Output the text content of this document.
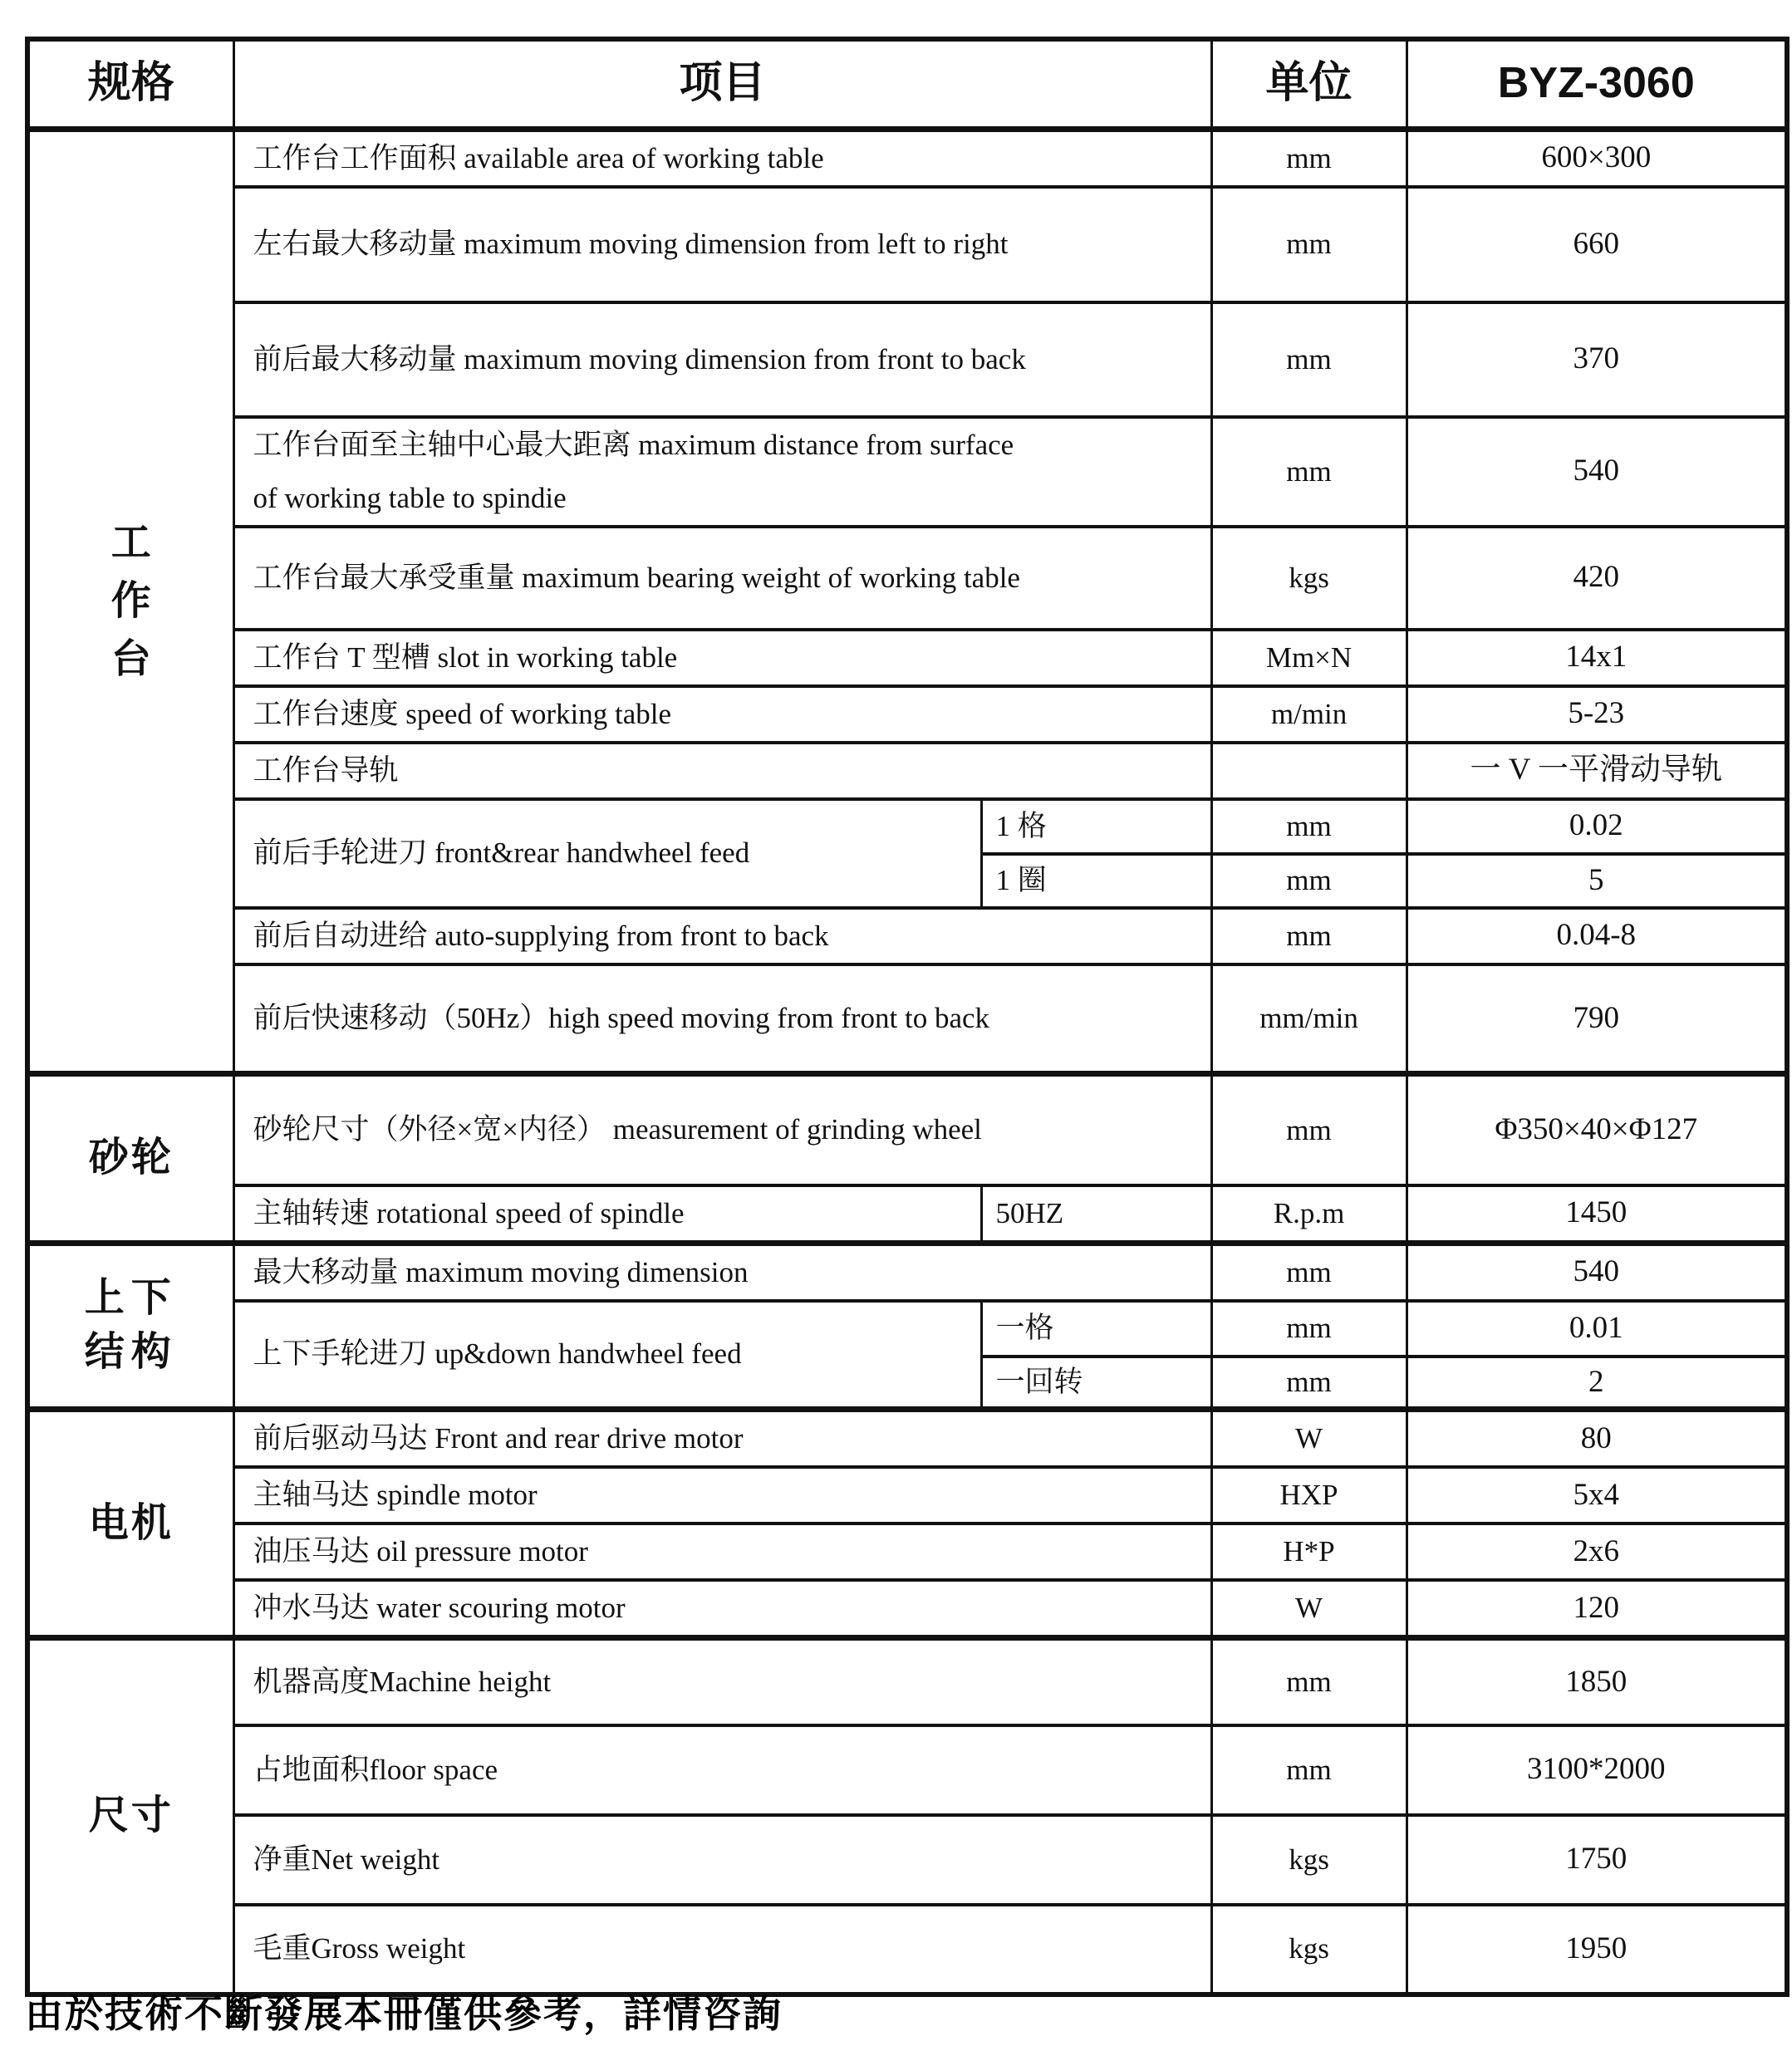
规格	项目		单位	BYZ-3060
工作台	工作台工作面积 available area of working table		mm	600×300
	左右最大移动量 maximum moving dimension from left to right		mm	660
	前后最大移动量 maximum moving dimension from front to back		mm	370
	工作台面至主轴中心最大距离 maximum distance from surface of working table to spindie		mm	540
	工作台最大承受重量 maximum bearing weight of working table		kgs	420
	工作台 T 型槽 slot in working table		Mm×N	14x1
	工作台速度 speed of working table		m/min	5-23
	工作台导轨			一 V 一平滑动导轨
	前后手轮进刀 front&rear handwheel feed	1 格	mm	0.02
		1 圈	mm	5
	前后自动进给 auto-supplying from front to back		mm	0.04-8
	前后快速移动（50Hz）high speed moving from front to back		mm/min	790
砂轮	砂轮尺寸（外径×宽×内径） measurement of grinding wheel		mm	Φ350×40×Φ127
	主轴转速 rotational speed of spindle	50HZ	R.p.m	1450
上下结构	最大移动量 maximum moving dimension		mm	540
	上下手轮进刀 up&down handwheel feed	一格	mm	0.01
		一回转	mm	2
电机	前后驱动马达 Front and rear drive motor		W	80
	主轴马达 spindle motor		HXP	5x4
	油压马达 oil pressure motor		H*P	2x6
	冲水马达 water scouring motor		W	120
尺寸	机器高度Machine height		mm	1850
	占地面积floor space		mm	3100*2000
	净重Net weight		kgs	1750
	毛重Gross weight		kgs	1950
由於技術不斷發展本冊僅供參考，詳情咨詢
